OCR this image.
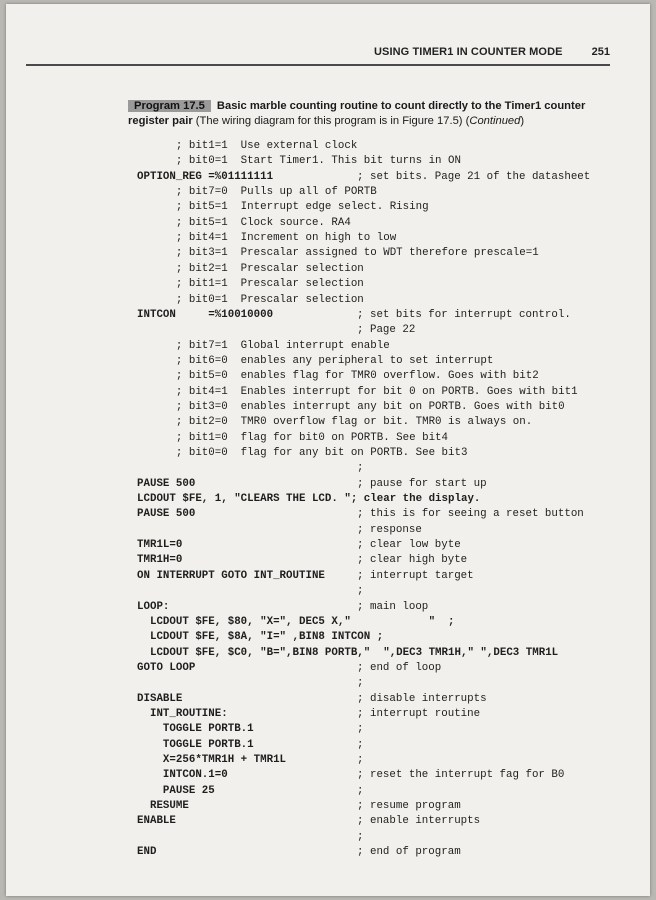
USING TIMER1 IN COUNTER MODE	251
Program 17.5 Basic marble counting routine to count directly to the Timer1 counter register pair (The wiring diagram for this program is in Figure 17.5) (Continued)
; bit1=1  Use external clock
; bit0=1  Start Timer1. This bit turns in ON
OPTION_REG =%01111111	; set bits. Page 21 of the datasheet
; bit7=0  Pulls up all of PORTB
; bit5=1  Interrupt edge select. Rising
; bit5=1  Clock source. RA4
; bit4=1  Increment on high to low
; bit3=1  Prescalar assigned to WDT therefore prescale=1
; bit2=1  Prescalar selection
; bit1=1  Prescalar selection
; bit0=1  Prescalar selection
INTCON     =%10010000	; set bits for interrupt control.
; Page 22
; bit7=1  Global interrupt enable
; bit6=0  enables any peripheral to set interrupt
; bit5=0  enables flag for TMR0 overflow. Goes with bit2
; bit4=1  Enables interrupt for bit 0 on PORTB. Goes with bit1
; bit3=0  enables interrupt any bit on PORTB. Goes with bit0
; bit2=0  TMR0 overflow flag or bit. TMR0 is always on.
; bit1=0  flag for bit0 on PORTB. See bit4
; bit0=0  flag for any bit on PORTB. See bit3
;
PAUSE 500	; pause for start up
LCDOUT $FE, 1, "CLEARS THE LCD. "; clear the display.
PAUSE 500	; this is for seeing a reset button
; response
TMR1L=0	; clear low byte
TMR1H=0	; clear high byte
ON INTERRUPT GOTO INT_ROUTINE	; interrupt target
;
LOOP:	; main loop
LCDOUT $FE, $80, "X=", DEC5 X,"            "  ;
LCDOUT $FE, $8A, "I=" ,BIN8 INTCON ;
LCDOUT $FE, $C0, "B=",BIN8 PORTB,"  ",DEC3 TMR1H," ",DEC3 TMR1L
GOTO LOOP	; end of loop
;
DISABLE	; disable interrupts
INT_ROUTINE:	; interrupt routine
TOGGLE PORTB.1	;
TOGGLE PORTB.1	;
X=256*TMR1H + TMR1L	;
INTCON.1=0	; reset the interrupt fag for B0
PAUSE 25	;
RESUME	; resume program
ENABLE	; enable interrupts
;
END	; end of program
